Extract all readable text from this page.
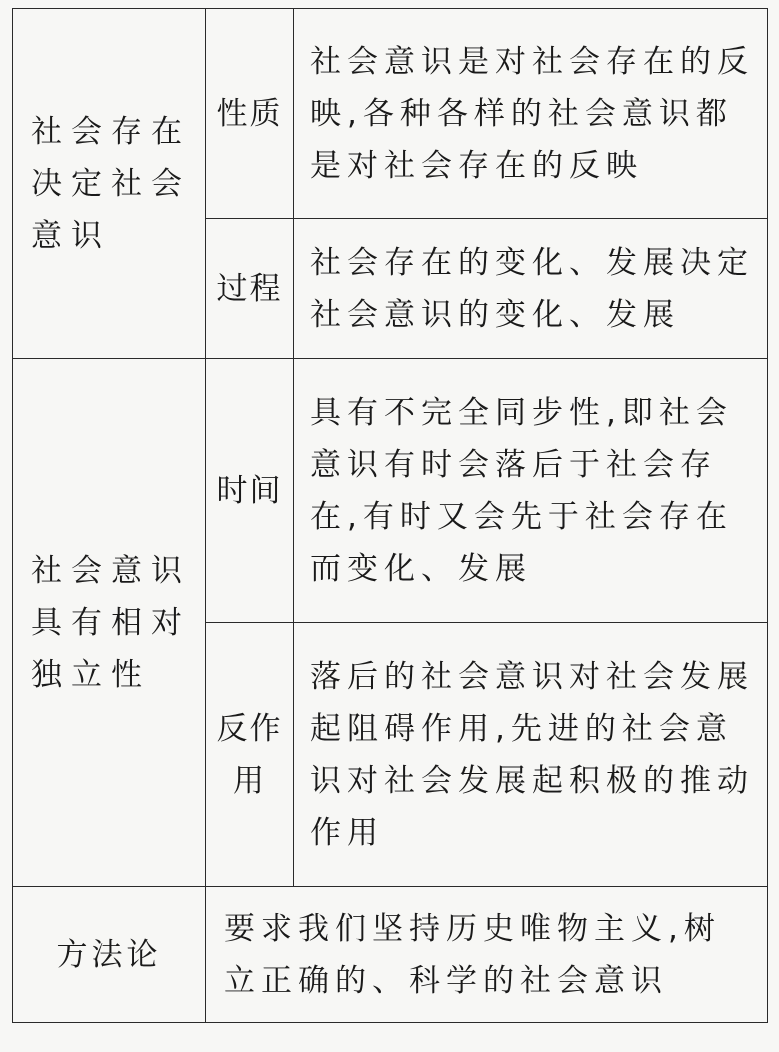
社会存在决定社会意识	性质	社会意识是对社会存在的反映,各种各样的社会意识都是对社会存在的反映
	过程	社会存在的变化、发展决定社会意识的变化、发展
社会意识具有相对独立性	时间	具有不完全同步性,即社会意识有时会落后于社会存在,有时又会先于社会存在而变化、发展
	反作用	落后的社会意识对社会发展起阻碍作用,先进的社会意识对社会发展起积极的推动作用
方法论	要求我们坚持历史唯物主义,树立正确的、科学的社会意识	
